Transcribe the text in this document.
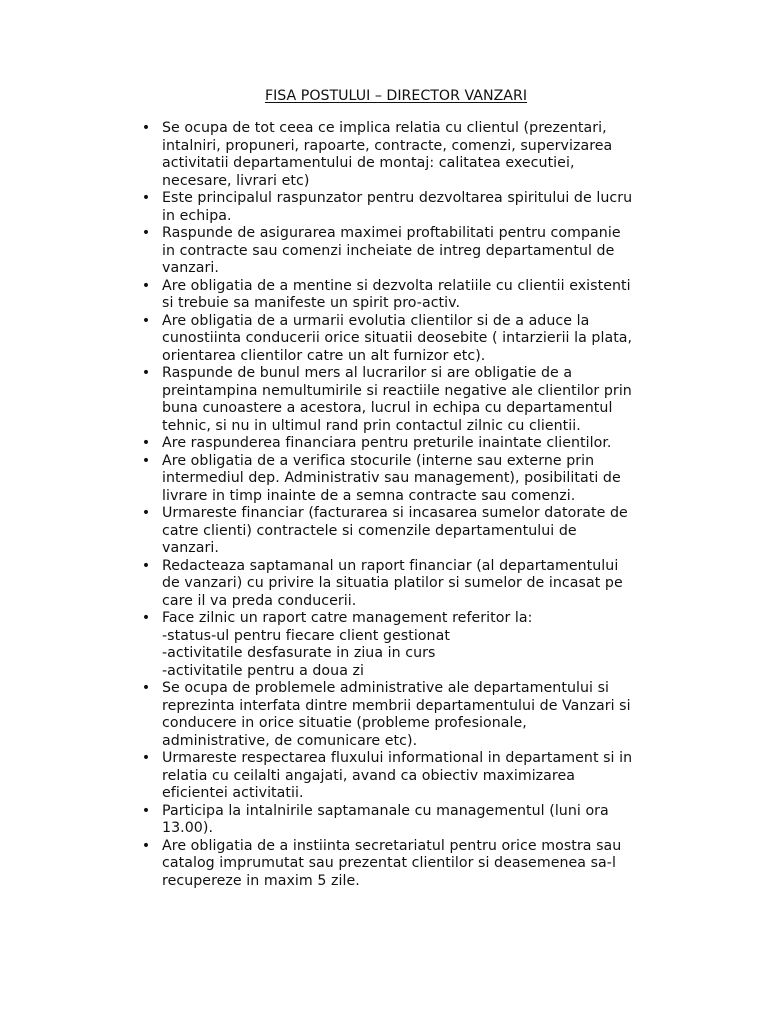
FISA POSTULUI – DIRECTOR VANZARI
• Se ocupa de tot ceea ce implica relatia cu clientul (prezentari,
intalniri, propuneri, rapoarte, contracte, comenzi, supervizarea
activitatii departamentului de montaj: calitatea executiei,
necesare, livrari etc)
• Este principalul raspunzator pentru dezvoltarea spiritului de lucru
in echipa.
• Raspunde de asigurarea maximei proftabilitati pentru companie
in contracte sau comenzi incheiate de intreg departamentul de
vanzari.
• Are obligatia de a mentine si dezvolta relatiile cu clientii existenti
si trebuie sa manifeste un spirit pro-activ.
• Are obligatia de a urmarii evolutia clientilor si de a aduce la
cunostiinta conducerii orice situatii deosebite ( intarzierii la plata,
orientarea clientilor catre un alt furnizor etc).
• Raspunde de bunul mers al lucrarilor si are obligatie de a
preintampina nemultumirile si reactiile negative ale clientilor prin
buna cunoastere a acestora, lucrul in echipa cu departamentul
tehnic, si nu in ultimul rand prin contactul zilnic cu clientii.
• Are raspunderea financiara pentru preturile inaintate clientilor.
• Are obligatia de a verifica stocurile (interne sau externe prin
intermediul dep. Administrativ sau management), posibilitati de
livrare in timp inainte de a semna contracte sau comenzi.
• Urmareste financiar (facturarea si incasarea sumelor datorate de
catre clienti) contractele si comenzile departamentului de
vanzari.
• Redacteaza saptamanal un raport financiar (al departamentului
de vanzari) cu privire la situatia platilor si sumelor de incasat pe
care il va preda conducerii.
• Face zilnic un raport catre management referitor la:
-status-ul pentru fiecare client gestionat
-activitatile desfasurate in ziua in curs
-activitatile pentru a doua zi
• Se ocupa de problemele administrative ale departamentului si
reprezinta interfata dintre membrii departamentului de Vanzari si
conducere in orice situatie (probleme profesionale,
administrative, de comunicare etc).
• Urmareste respectarea fluxului informational in departament si in
relatia cu ceilalti angajati, avand ca obiectiv maximizarea
eficientei activitatii.
• Participa la intalnirile saptamanale cu managementul (luni ora
13.00).
• Are obligatia de a instiinta secretariatul pentru orice mostra sau
catalog imprumutat sau prezentat clientilor si deasemenea sa-l
recupereze in maxim 5 zile.
